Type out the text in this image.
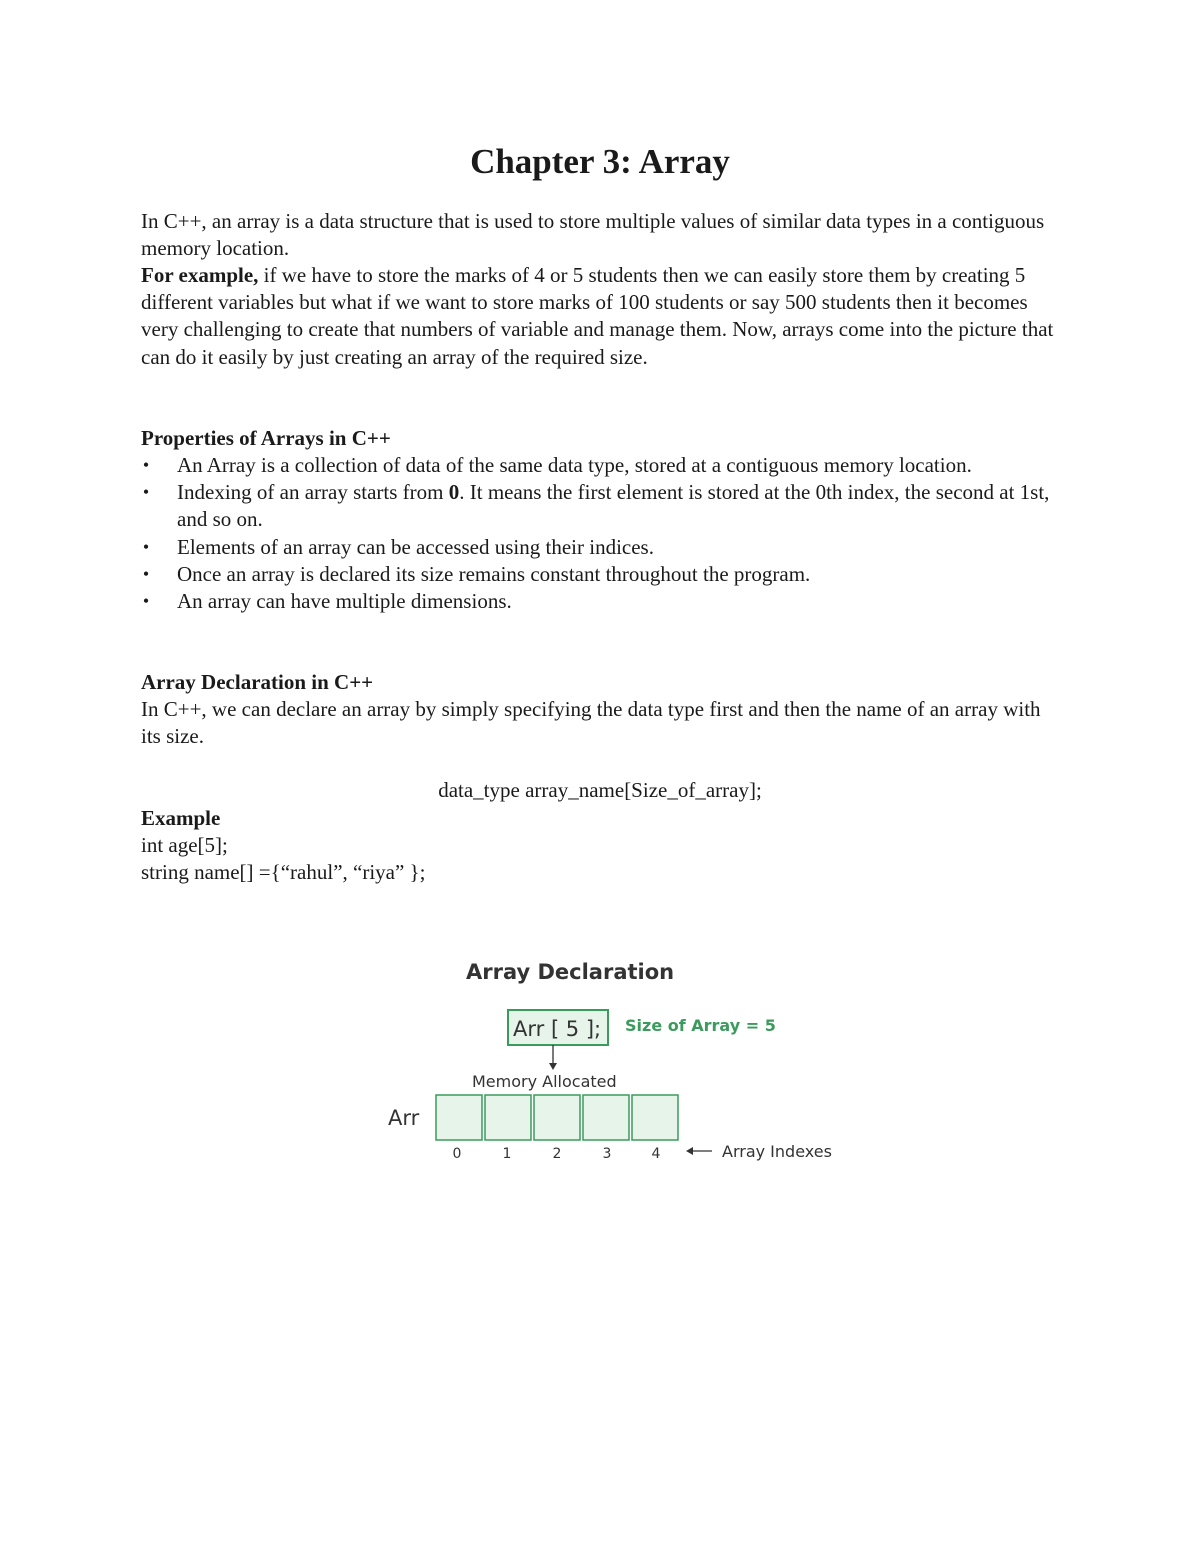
Chapter 3: Array
In C++, an array is a data structure that is used to store multiple values of similar data types in a contiguous memory location.
For example, if we have to store the marks of 4 or 5 students then we can easily store them by creating 5 different variables but what if we want to store marks of 100 students or say 500 students then it becomes very challenging to create that numbers of variable and manage them. Now, arrays come into the picture that can do it easily by just creating an array of the required size.
Properties of Arrays in C++
• An Array is a collection of data of the same data type, stored at a contiguous memory location.
• Indexing of an array starts from 0. It means the first element is stored at the 0th index, the second at 1st, and so on.
• Elements of an array can be accessed using their indices.
• Once an array is declared its size remains constant throughout the program.
• An array can have multiple dimensions.
Array Declaration in C++
In C++, we can declare an array by simply specifying the data type first and then the name of an array with its size.
data_type array_name[Size_of_array];
Example
int age[5];
string name[] ={“rahul”, “riya” };
Array Declaration
Arr [ 5 ]; Size of Array = 5
Memory Allocated
Arr
0	1	2	3	4	Array Indexes
